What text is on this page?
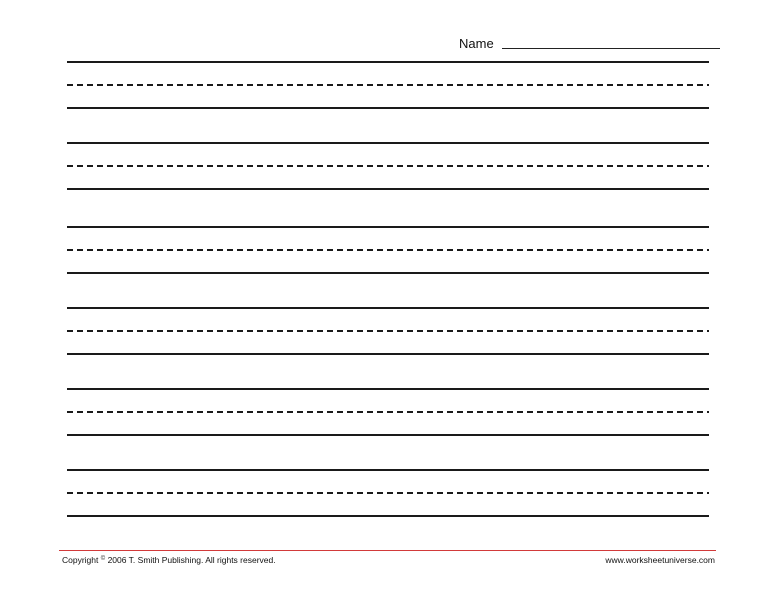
Name
Copyright © 2006 T. Smith Publishing. All rights reserved.	www.worksheetuniverse.com
